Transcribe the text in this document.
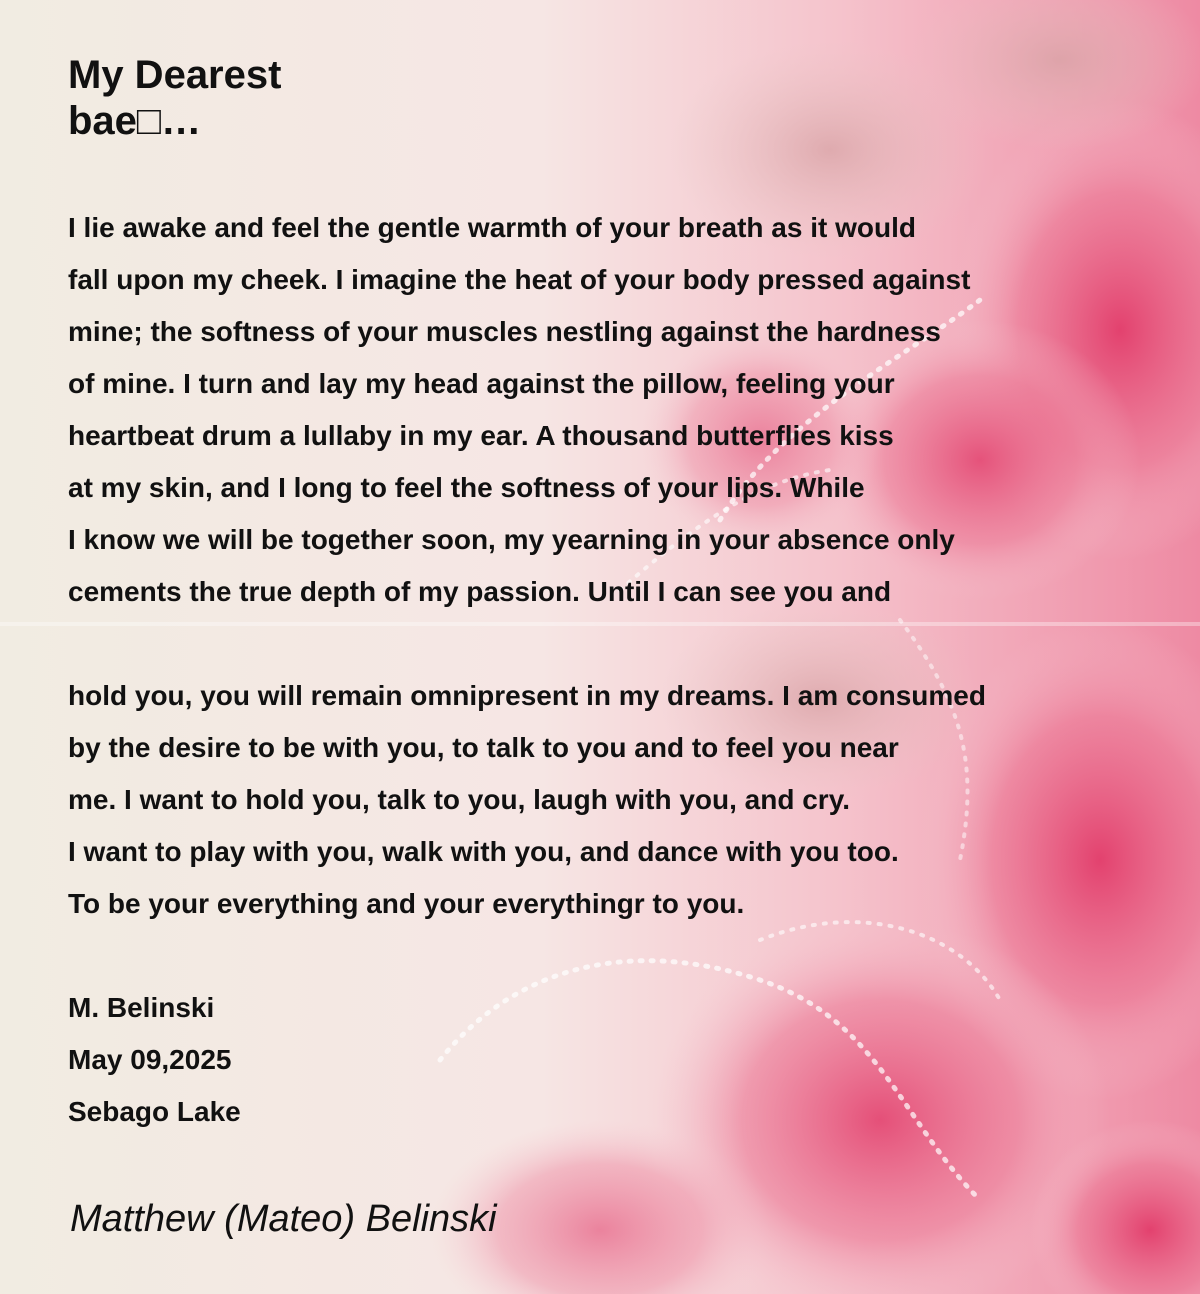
My Dearest
bae□…
I lie awake and feel the gentle warmth of your breath as it would
fall upon my cheek. I imagine the heat of your body pressed against
mine; the softness of your muscles nestling against the hardness
of mine. I turn and lay my head against the pillow, feeling your
heartbeat drum a lullaby in my ear. A thousand butterflies kiss
at my skin, and I long to feel the softness of your lips. While
I know we will be together soon, my yearning in your absence only
cements the true depth of my passion. Until I can see you and
hold you, you will remain omnipresent in my dreams. I am consumed
by the desire to be with you, to talk to you and to feel you near
me. I want to hold you, talk to you, laugh with you, and cry.
I want to play with you, walk with you, and dance with you too.
To be your everything and your everythingr to you.
M. Belinski
May 09,2025
Sebago Lake
Matthew (Mateo) Belinski
